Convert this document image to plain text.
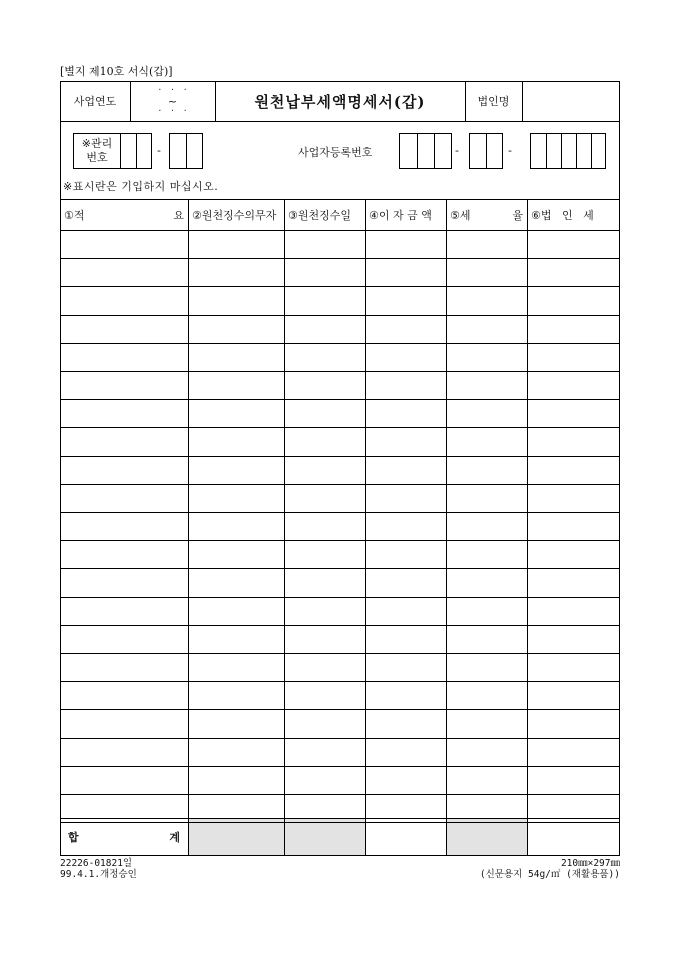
[별지 제10호 서식(갑)]
사업연도
·   ·   ·
~
·   ·   ·
원천납부세액명세서(갑)	법인명
※관리
번호
-	사업자등록번호	-	-
※표시란은 기입하지 마십시오.
①적	요 ②원천징수의무자 ③원천징수일 ④이 자 금 액 ⑤세	율 ⑥법   인   세
합	계
22226-01821일
99.4.1.개정승인
210㎜×297㎜
(신문용지 54g/㎡ (재활용품))
